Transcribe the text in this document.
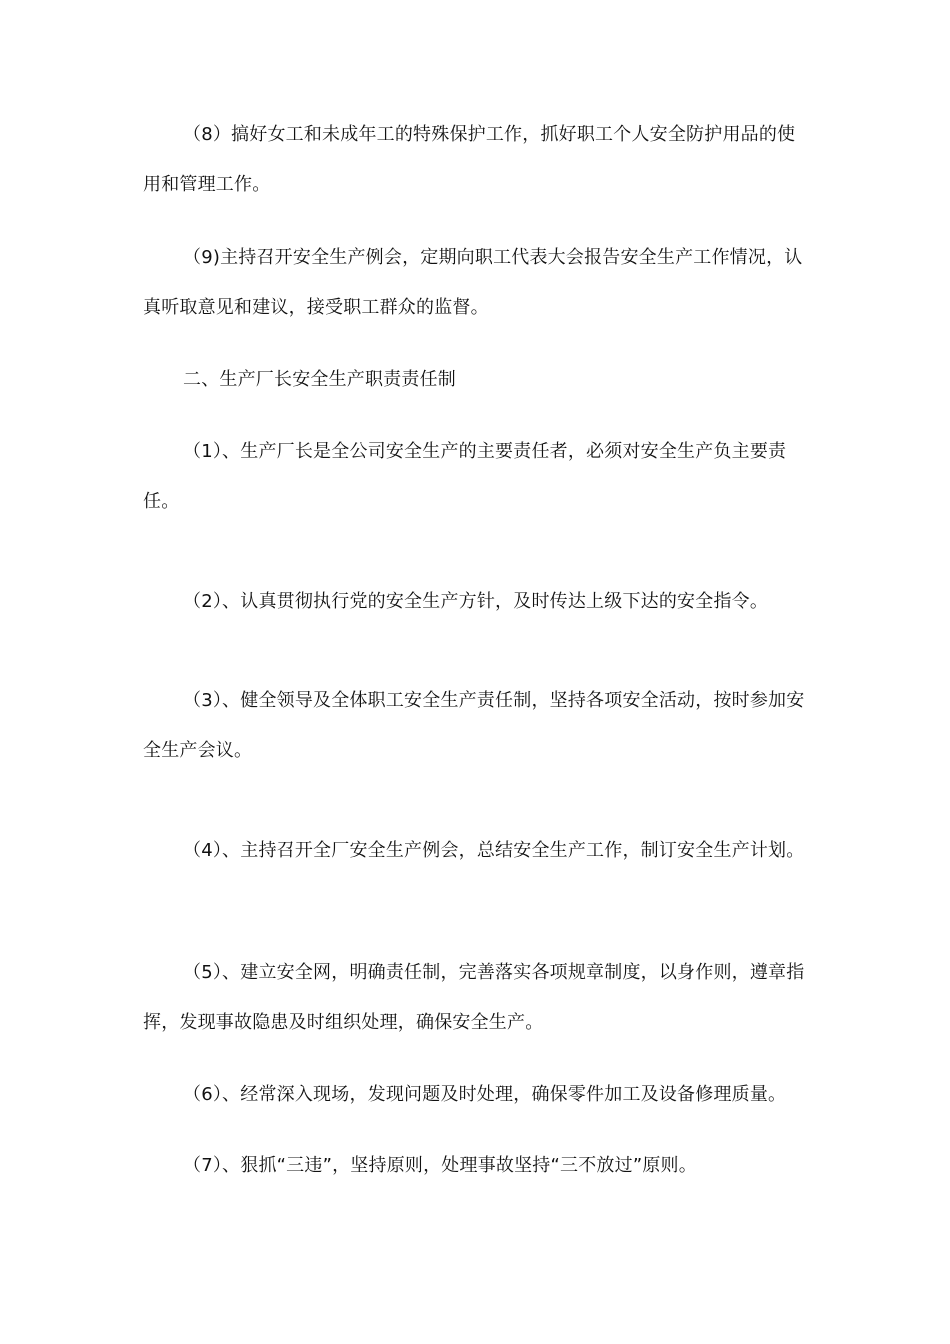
（8）搞好女工和未成年工的特殊保护工作，抓好职工个人安全防护用品的使用和管理工作。

（9)主持召开安全生产例会，定期向职工代表大会报告安全生产工作情况，认真听取意见和建议，接受职工群众的监督。

二、生产厂长安全生产职责责任制

（1）、生产厂长是全公司安全生产的主要责任者，必须对安全生产负主要责任。

（2）、认真贯彻执行党的安全生产方针，及时传达上级下达的安全指令。

（3）、健全领导及全体职工安全生产责任制，坚持各项安全活动，按时参加安全生产会议。

（4）、主持召开全厂安全生产例会，总结安全生产工作，制订安全生产计划。

（5）、建立安全网，明确责任制，完善落实各项规章制度，以身作则，遵章指挥，发现事故隐患及时组织处理，确保安全生产。

（6）、经常深入现场，发现问题及时处理，确保零件加工及设备修理质量。

（7）、狠抓“三违”，坚持原则，处理事故坚持“三不放过”原则。
